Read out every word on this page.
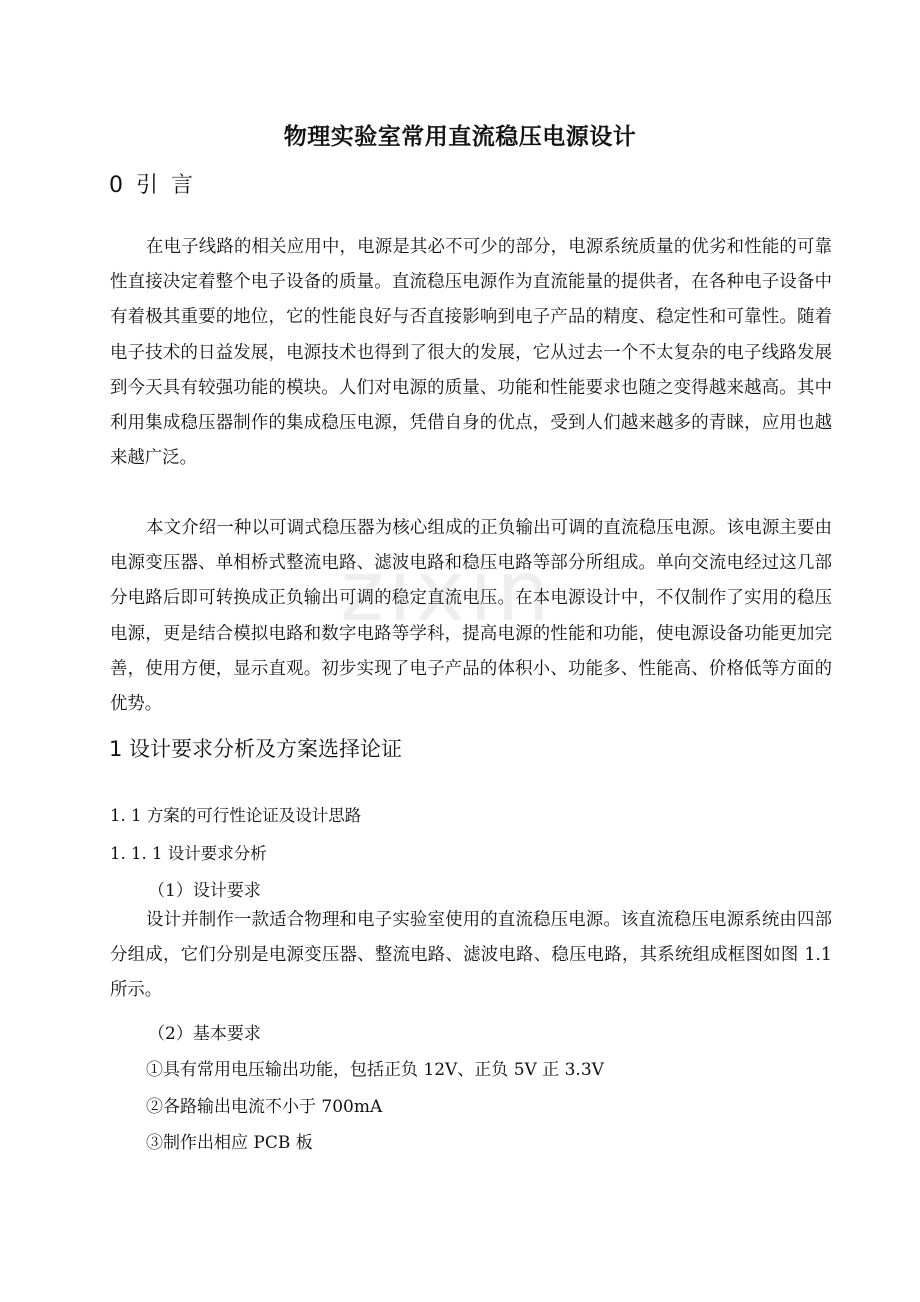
物理实验室常用直流稳压电源设计
0 引 言
在电子线路的相关应用中，电源是其必不可少的部分，电源系统质量的优劣和性能的可靠性直接决定着整个电子设备的质量。直流稳压电源作为直流能量的提供者，在各种电子设备中有着极其重要的地位，它的性能良好与否直接影响到电子产品的精度、稳定性和可靠性。随着电子技术的日益发展，电源技术也得到了很大的发展，它从过去一个不太复杂的电子线路发展到今天具有较强功能的模块。人们对电源的质量、功能和性能要求也随之变得越来越高。其中利用集成稳压器制作的集成稳压电源，凭借自身的优点，受到人们越来越多的青睐，应用也越来越广泛。
本文介绍一种以可调式稳压器为核心组成的正负输出可调的直流稳压电源。该电源主要由电源变压器、单相桥式整流电路、滤波电路和稳压电路等部分所组成。单向交流电经过这几部分电路后即可转换成正负输出可调的稳定直流电压。在本电源设计中，不仅制作了实用的稳压电源，更是结合模拟电路和数字电路等学科，提高电源的性能和功能，使电源设备功能更加完善，使用方便，显示直观。初步实现了电子产品的体积小、功能多、性能高、价格低等方面的优势。
1 设计要求分析及方案选择论证
1. 1 方案的可行性论证及设计思路
1. 1. 1 设计要求分析
（1）设计要求
设计并制作一款适合物理和电子实验室使用的直流稳压电源。该直流稳压电源系统由四部分组成，它们分别是电源变压器、整流电路、滤波电路、稳压电路，其系统组成框图如图 1.1 所示。
（2）基本要求
①具有常用电压输出功能，包括正负 12V、正负 5V 正 3.3V
②各路输出电流不小于 700mA
③制作出相应 PCB 板
zixin
